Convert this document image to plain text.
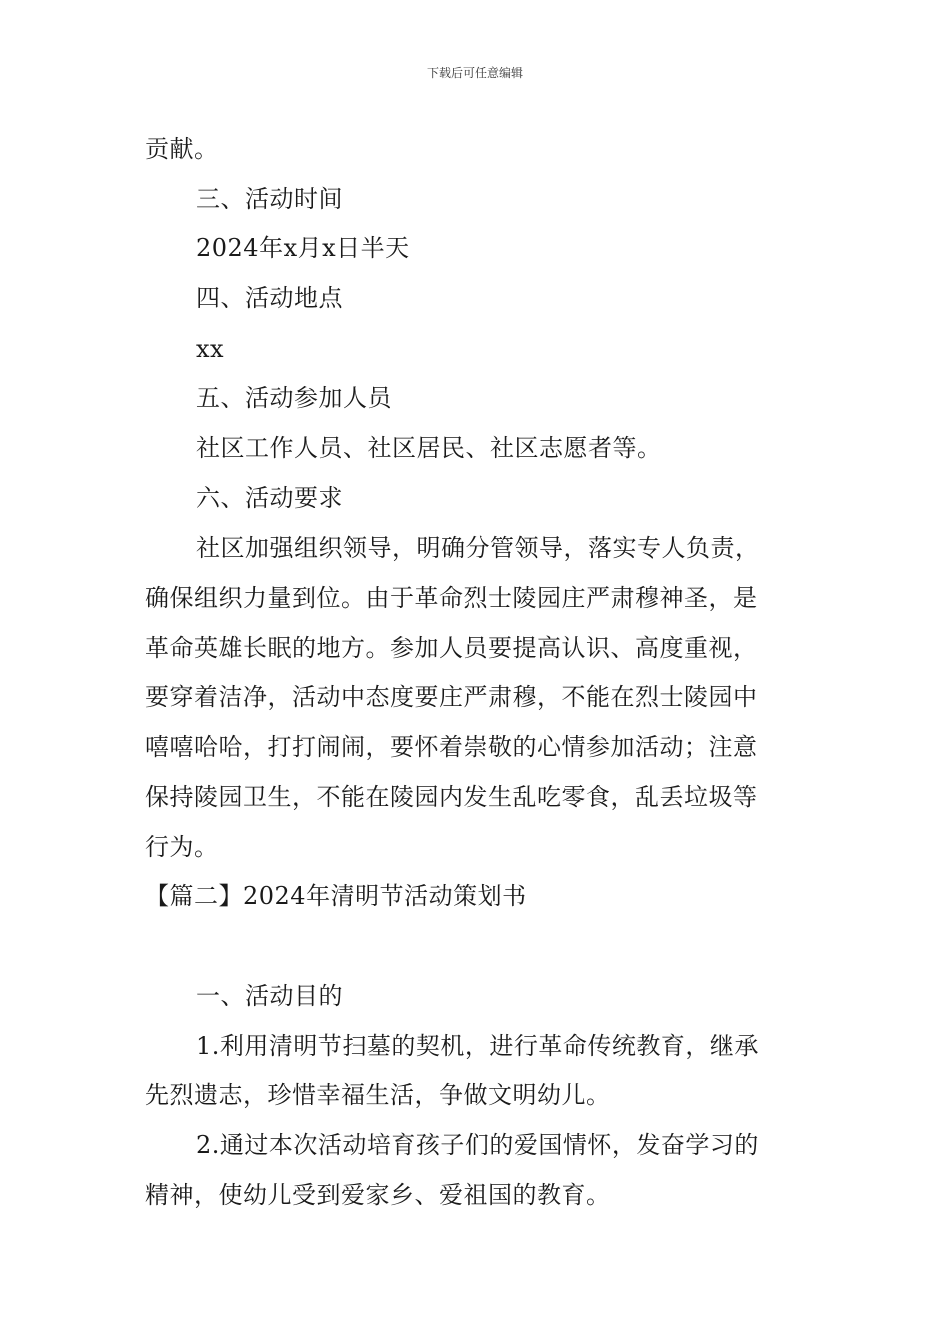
下载后可任意编辑
贡献。
三、活动时间
2024年x月x日半天
四、活动地点
xx
五、活动参加人员
社区工作人员、社区居民、社区志愿者等。
六、活动要求
社区加强组织领导，明确分管领导，落实专人负责，
确保组织力量到位。由于革命烈士陵园庄严肃穆神圣，是
革命英雄长眠的地方。参加人员要提高认识、高度重视，
要穿着洁净，活动中态度要庄严肃穆，不能在烈士陵园中
嘻嘻哈哈，打打闹闹，要怀着崇敬的心情参加活动；注意
保持陵园卫生，不能在陵园内发生乱吃零食，乱丢垃圾等
行为。
【篇二】2024年清明节活动策划书
一、活动目的
1.利用清明节扫墓的契机，进行革命传统教育，继承
先烈遗志，珍惜幸福生活，争做文明幼儿。
2.通过本次活动培育孩子们的爱国情怀，发奋学习的
精神，使幼儿受到爱家乡、爱祖国的教育。
